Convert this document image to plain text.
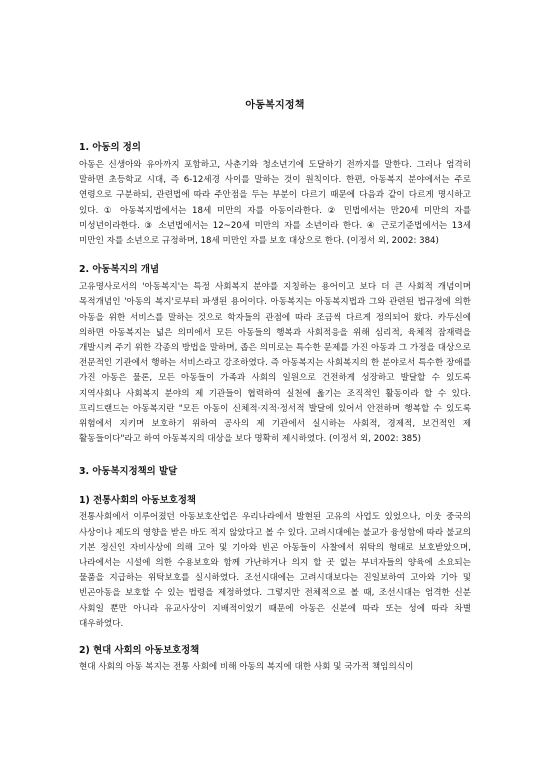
아동복지정책
1. 아동의 정의

아동은 신생아와 유아까지 포함하고, 사춘기와 청소년기에 도달하기 전까지를 말한다. 그러나 엄격히 말하면 초등학교 시대, 즉 6-12세경 사이를 말하는 것이 원칙이다. 한편, 아동복지 분야에서는 주로 연령으로 구분하되, 관련법에 따라 주안점을 두는 부분이 다르기 때문에 다음과 같이 다르게 명시하고 있다. ① 아동복지법에서는 18세 미만의 자를 아동이라한다. ② 민법에서는 만20세 미만의 자를 미성년이라한다. ③ 소년법에서는 12~20세 미만의 자를 소년이라 한다. ④ 근로기준법에서는 13세 미만인 자를 소년으로 규정하며, 18세 미만인 자를 보호 대상으로 한다. (이정서 외, 2002: 384)

2. 아동복지의 개념

고유명사로서의 '아동복지'는 특정 사회복지 분야를 지칭하는 용어이고 보다 더 큰 사회적 개념이며 목적개념인 '아동의 복지'로부터 파생된 용어이다. 아동복지는 아동복지법과 그와 관련된 법규정에 의한 아동을 위한 서비스를 말하는 것으로 학자들의 관점에 따라 조금씩 다르게 정의되어 왔다. 카두신에 의하면 아동복지는 넓은 의미에서 모든 아동들의 행복과 사회적응을 위해 심리적, 육체적 잠재력을 개발시켜 주기 위한 각종의 방법을 말하며, 좁은 의미로는 특수한 문제를 가진 아동과 그 가정을 대상으로 전문적인 기관에서 행하는 서비스라고 강조하였다. 즉 아동복지는 사회복지의 한 분야로서 특수한 장애를 가진 아동은 물론, 모든 아동들이 가족과 사회의 일원으로 건전하게 성장하고 발달할 수 있도록 지역사회나 사회복지 분야의 제 기관들이 협력하여 실천에 옮기는 조직적인 활동이라 할 수 있다. 프리드랜드는 아동복지란 "모든 아동이 신체적·지적·정서적 발달에 있어서 안전하며 행복할 수 있도록 위험에서 지키며 보호하기 위하여 공사의 제 기관에서 실시하는 사회적, 경제적, 보건적인 제 활동들이다"라고 하여 아동복지의 대상을 보다 명확히 제시하였다. (이정서 외, 2002: 385)

3. 아동복지정책의 발달
1) 전통사회의 아동보호정책

전통사회에서 이루어졌던 아동보호산업은 우리나라에서 발현된 고유의 사업도 있었으나, 이웃 중국의 사상이나 제도의 영향을 받은 바도 적지 않았다고 볼 수 있다. 고려시대에는 불교가 융성함에 따라 불교의 기본 정신인 자비사상에 의해 고아 및 기아와 빈곤 아동들이 사찰에서 위탁의 형태로 보호받았으며, 나라에서는 시설에 의한 수용보호와 함께 가난하거나 의지 할 곳 없는 부녀자들의 양육에 소요되는 물품을 지급하는 위탁보호를 실시하였다. 조선시대에는 고려시대보다는 진일보하여 고아와 기아 및 빈곤아동을 보호할 수 있는 법령을 제정하였다. 그렇지만 전체적으로 볼 때, 조선시대는 엄격한 신분 사회일 뿐만 아니라 유교사상이 지배적이었기 때문에 아동은 신분에 따라 또는 성에 따라 차별 대우하였다.

2) 현대 사회의 아동보호정책

현대 사회의 아동 복지는 전통 사회에 비해 아동의 복지에 대한 사회 및 국가적 책임의식이
